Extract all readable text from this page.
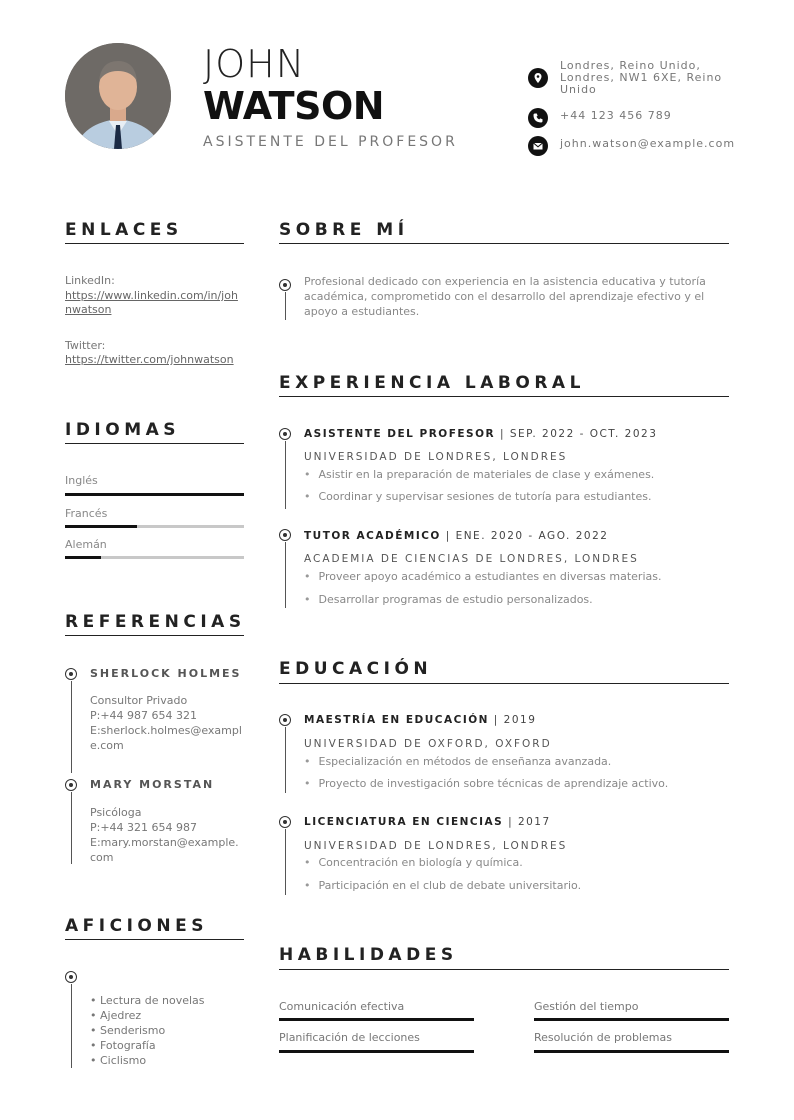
JOHN
WATSON
ASISTENTE DEL PROFESOR
Londres, Reino Unido,
Londres, NW1 6XE, Reino
Unido
+44 123 456 789
john.watson@example.com
ENLACES
LinkedIn:
https://www.linkedin.com/in/joh
nwatson
Twitter:
https://twitter.com/johnwatson
IDIOMAS
Inglés
Francés
Alemán
REFERENCIAS
SHERLOCK HOLMES
Consultor Privado
P:+44 987 654 321
E:sherlock.holmes@example.com
MARY MORSTAN
Psicóloga
P:+44 321 654 987
E:mary.morstan@example.com
AFICIONES
• Lectura de novelas
• Ajedrez
• Senderismo
• Fotografía
• Ciclismo
SOBRE MÍ
Profesional dedicado con experiencia en la asistencia educativa y tutoría
académica, comprometido con el desarrollo del aprendizaje efectivo y el
apoyo a estudiantes.
EXPERIENCIA LABORAL
ASISTENTE DEL PROFESOR | SEP. 2022 - OCT. 2023
UNIVERSIDAD DE LONDRES, LONDRES
• Asistir en la preparación de materiales de clase y exámenes.
• Coordinar y supervisar sesiones de tutoría para estudiantes.
TUTOR ACADÉMICO | ENE. 2020 - AGO. 2022
ACADEMIA DE CIENCIAS DE LONDRES, LONDRES
• Proveer apoyo académico a estudiantes en diversas materias.
• Desarrollar programas de estudio personalizados.
EDUCACIÓN
MAESTRÍA EN EDUCACIÓN | 2019
UNIVERSIDAD DE OXFORD, OXFORD
• Especialización en métodos de enseñanza avanzada.
• Proyecto de investigación sobre técnicas de aprendizaje activo.
LICENCIATURA EN CIENCIAS | 2017
UNIVERSIDAD DE LONDRES, LONDRES
• Concentración en biología y química.
• Participación en el club de debate universitario.
HABILIDADES
Comunicación efectiva	Gestión del tiempo
Planificación de lecciones	Resolución de problemas
